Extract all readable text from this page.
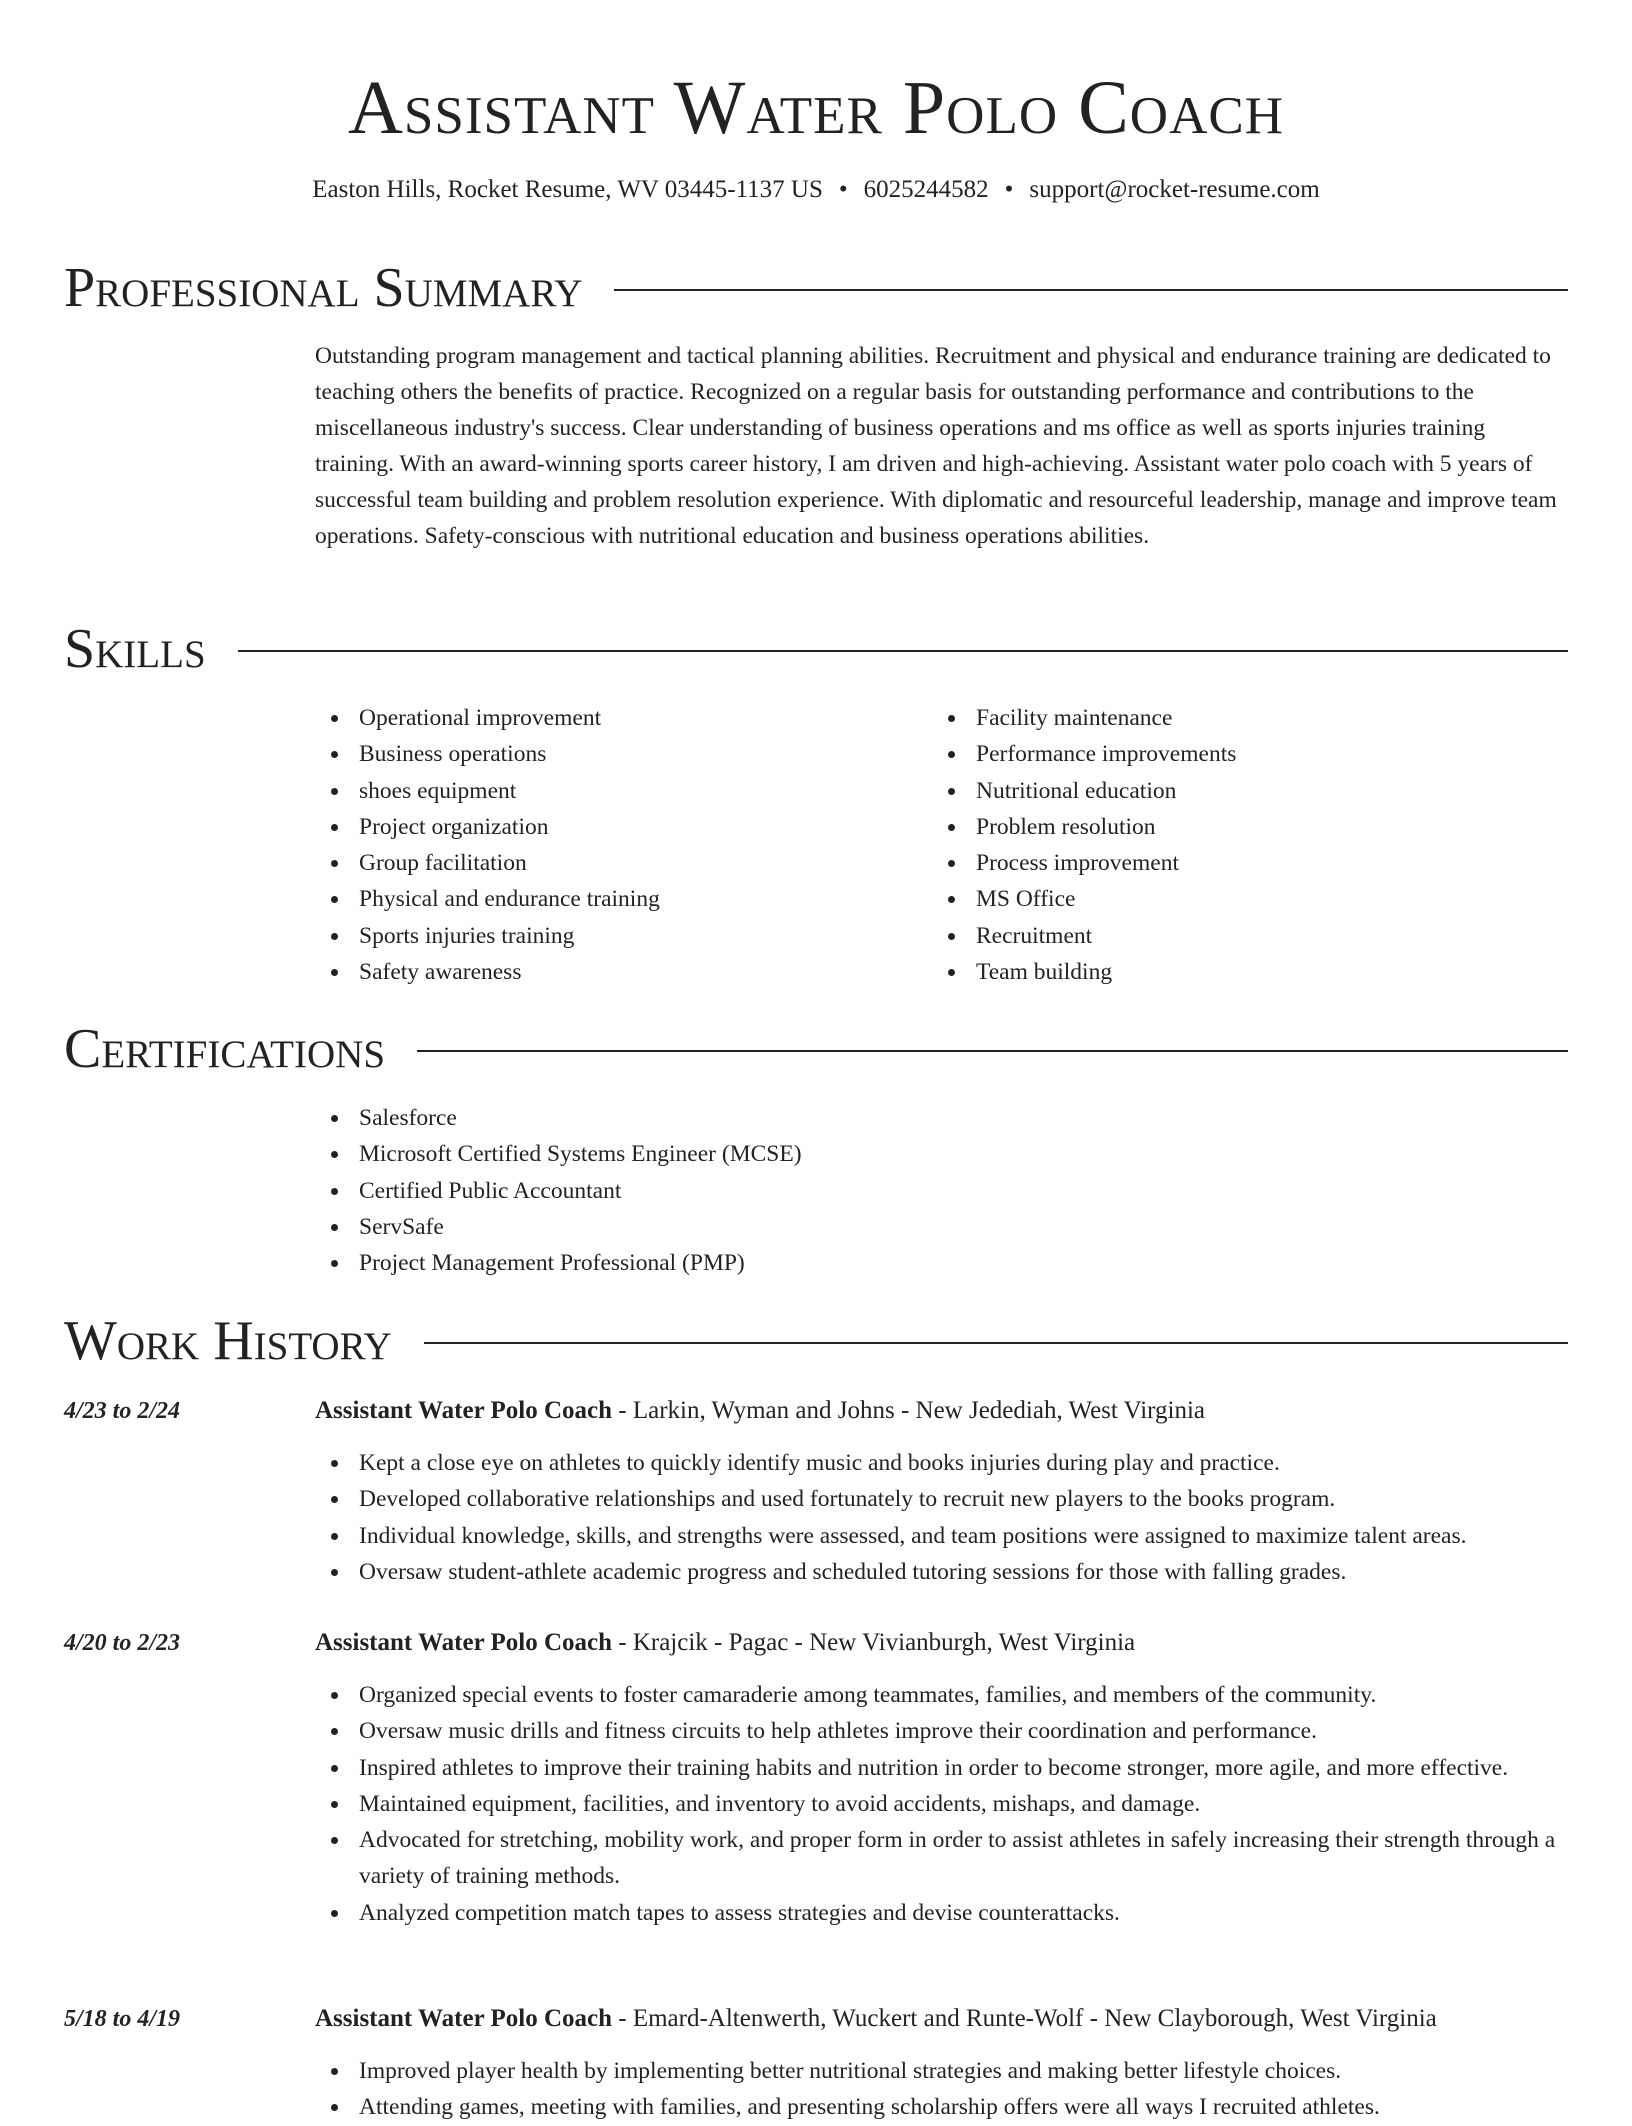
Assistant Water Polo Coach
Easton Hills, Rocket Resume, WV 03445-1137 US • 6025244582 • support@rocket-resume.com
Professional Summary

Outstanding program management and tactical planning abilities. Recruitment and physical and endurance training are dedicated to teaching others the benefits of practice. Recognized on a regular basis for outstanding performance and contributions to the miscellaneous industry's success. Clear understanding of business operations and ms office as well as sports injuries training training. With an award-winning sports career history, I am driven and high-achieving. Assistant water polo coach with 5 years of successful team building and problem resolution experience. With diplomatic and resourceful leadership, manage and improve team operations. Safety-conscious with nutritional education and business operations abilities.

Skills
Operational improvement
Business operations
shoes equipment
Project organization
Group facilitation
Physical and endurance training
Sports injuries training
Safety awareness
Facility maintenance
Performance improvements
Nutritional education
Problem resolution
Process improvement
MS Office
Recruitment
Team building
Certifications
Salesforce
Microsoft Certified Systems Engineer (MCSE)
Certified Public Accountant
ServSafe
Project Management Professional (PMP)
Work History
4/23 to 2/24	Assistant Water Polo Coach - Larkin, Wyman and Johns - New Jedediah, West Virginia
Kept a close eye on athletes to quickly identify music and books injuries during play and practice.
Developed collaborative relationships and used fortunately to recruit new players to the books program.
Individual knowledge, skills, and strengths were assessed, and team positions were assigned to maximize talent areas.
Oversaw student-athlete academic progress and scheduled tutoring sessions for those with falling grades.
4/20 to 2/23	Assistant Water Polo Coach - Krajcik - Pagac - New Vivianburgh, West Virginia
Organized special events to foster camaraderie among teammates, families, and members of the community.
Oversaw music drills and fitness circuits to help athletes improve their coordination and performance.
Inspired athletes to improve their training habits and nutrition in order to become stronger, more agile, and more effective.
Maintained equipment, facilities, and inventory to avoid accidents, mishaps, and damage.
Advocated for stretching, mobility work, and proper form in order to assist athletes in safely increasing their strength through a variety of training methods.
Analyzed competition match tapes to assess strategies and devise counterattacks.
5/18 to 4/19	Assistant Water Polo Coach - Emard-Altenwerth, Wuckert and Runte-Wolf - New Clayborough, West Virginia
Improved player health by implementing better nutritional strategies and making better lifestyle choices.
Attending games, meeting with families, and presenting scholarship offers were all ways I recruited athletes.
